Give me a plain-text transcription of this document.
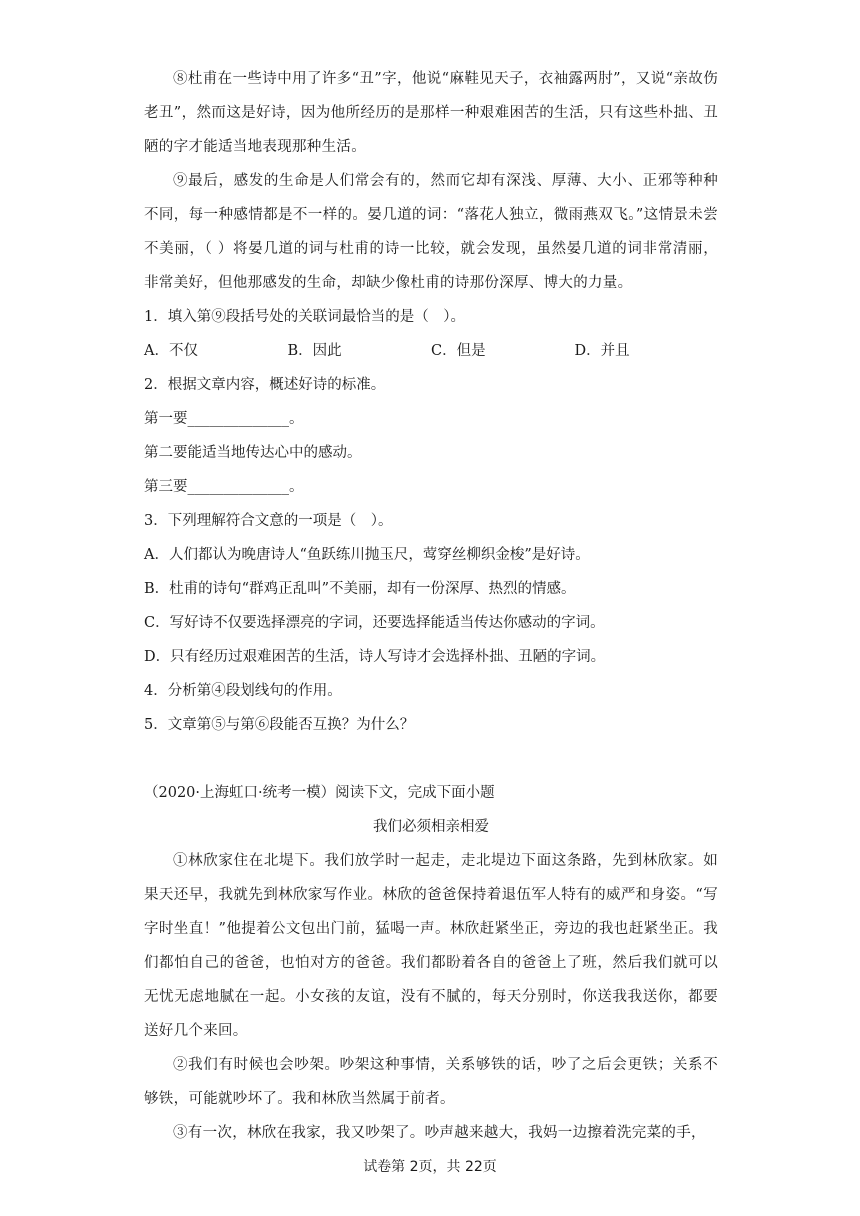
⑧杜甫在一些诗中用了许多“丑”字，他说“麻鞋见天子，衣袖露两肘”，又说“亲故伤老丑”，然而这是好诗，因为他所经历的是那样一种艰难困苦的生活，只有这些朴拙、丑陋的字才能适当地表现那种生活。

⑨最后，感发的生命是人们常会有的，然而它却有深浅、厚薄、大小、正邪等种种不同，每一种感情都是不一样的。晏几道的词：“落花人独立，微雨燕双飞。”这情景未尝不美丽，（ ）将晏几道的词与杜甫的诗一比较，就会发现，虽然晏几道的词非常清丽，非常美好，但他那感发的生命，却缺少像杜甫的诗那份深厚、博大的力量。

1．填入第⑨段括号处的关联词最恰当的是（　）。

A．不仅	B．因此	C．但是	D．并且

2．根据文章内容，概述好诗的标准。

第一要______________。

第二要能适当地传达心中的感动。

第三要______________。

3．下列理解符合文意的一项是（　）。

A．人们都认为晚唐诗人“鱼跃练川抛玉尺，莺穿丝柳织金梭”是好诗。

B．杜甫的诗句“群鸡正乱叫”不美丽，却有一份深厚、热烈的情感。

C．写好诗不仅要选择漂亮的字词，还要选择能适当传达你感动的字词。

D．只有经历过艰难困苦的生活，诗人写诗才会选择朴拙、丑陋的字词。

4．分析第④段划线句的作用。

5．文章第⑤与第⑥段能否互换？为什么？

（2020·上海虹口·统考一模）阅读下文，完成下面小题

我们必须相亲相爱

①林欣家住在北堤下。我们放学时一起走，走北堤边下面这条路，先到林欣家。如果天还早，我就先到林欣家写作业。林欣的爸爸保持着退伍军人特有的威严和身姿。“写字时坐直！”他提着公文包出门前，猛喝一声。林欣赶紧坐正，旁边的我也赶紧坐正。我们都怕自己的爸爸，也怕对方的爸爸。我们都盼着各自的爸爸上了班，然后我们就可以无忧无虑地腻在一起。小女孩的友谊，没有不腻的，每天分别时，你送我我送你，都要送好几个来回。

②我们有时候也会吵架。吵架这种事情，关系够铁的话，吵了之后会更铁；关系不够铁，可能就吵坏了。我和林欣当然属于前者。

③有一次，林欣在我家，我又吵架了。吵声越来越大，我妈一边擦着洗完菜的手，

试卷第 2页，共 22页
